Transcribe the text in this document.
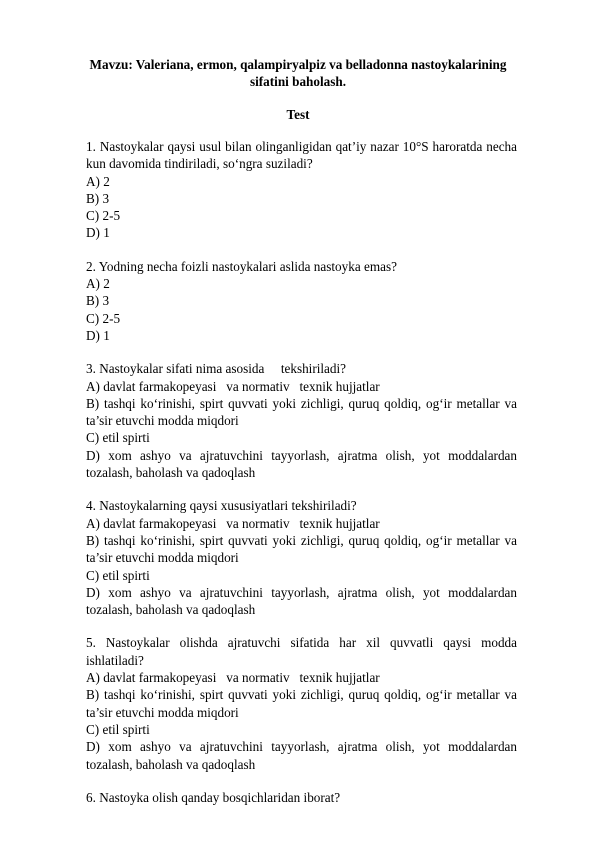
Mavzu: Valeriana, ermon, qalampiryalpiz va belladonna nastoykalarining sifatini baholash.
Test
1. Nastoykalar qaysi usul bilan olinganligidan qat’iy nazar 10°S haroratda necha kun davomida tindiriladi, so‘ngra suziladi?
A) 2
B) 3
C) 2-5
D) 1
2. Yodning necha foizli nastoykalari aslida nastoyka emas?
A) 2
B) 3
C) 2-5
D) 1
3. Nastoykalar sifati nima asosida     tekshiriladi?
A) davlat farmakopeyasi   va normativ   texnik hujjatlar
B) tashqi ko‘rinishi, spirt quvvati yoki zichligi, quruq qoldiq, og‘ir metallar va ta’sir etuvchi modda miqdori
C) etil spirti
D) xom ashyo va ajratuvchini tayyorlash, ajratma olish, yot moddalardan tozalash, baholash va qadoqlash
4. Nastoykalarning qaysi xususiyatlari tekshiriladi?
A) davlat farmakopeyasi   va normativ   texnik hujjatlar
B) tashqi ko‘rinishi, spirt quvvati yoki zichligi, quruq qoldiq, og‘ir metallar va ta’sir etuvchi modda miqdori
C) etil spirti
D) xom ashyo va ajratuvchini tayyorlash, ajratma olish, yot moddalardan tozalash, baholash va qadoqlash
5. Nastoykalar olishda ajratuvchi sifatida har xil quvvatli qaysi modda ishlatiladi?
A) davlat farmakopeyasi   va normativ   texnik hujjatlar
B) tashqi ko‘rinishi, spirt quvvati yoki zichligi, quruq qoldiq, og‘ir metallar va ta’sir etuvchi modda miqdori
C) etil spirti
D) xom ashyo va ajratuvchini tayyorlash, ajratma olish, yot moddalardan tozalash, baholash va qadoqlash
6. Nastoyka olish qanday bosqichlaridan iborat?
